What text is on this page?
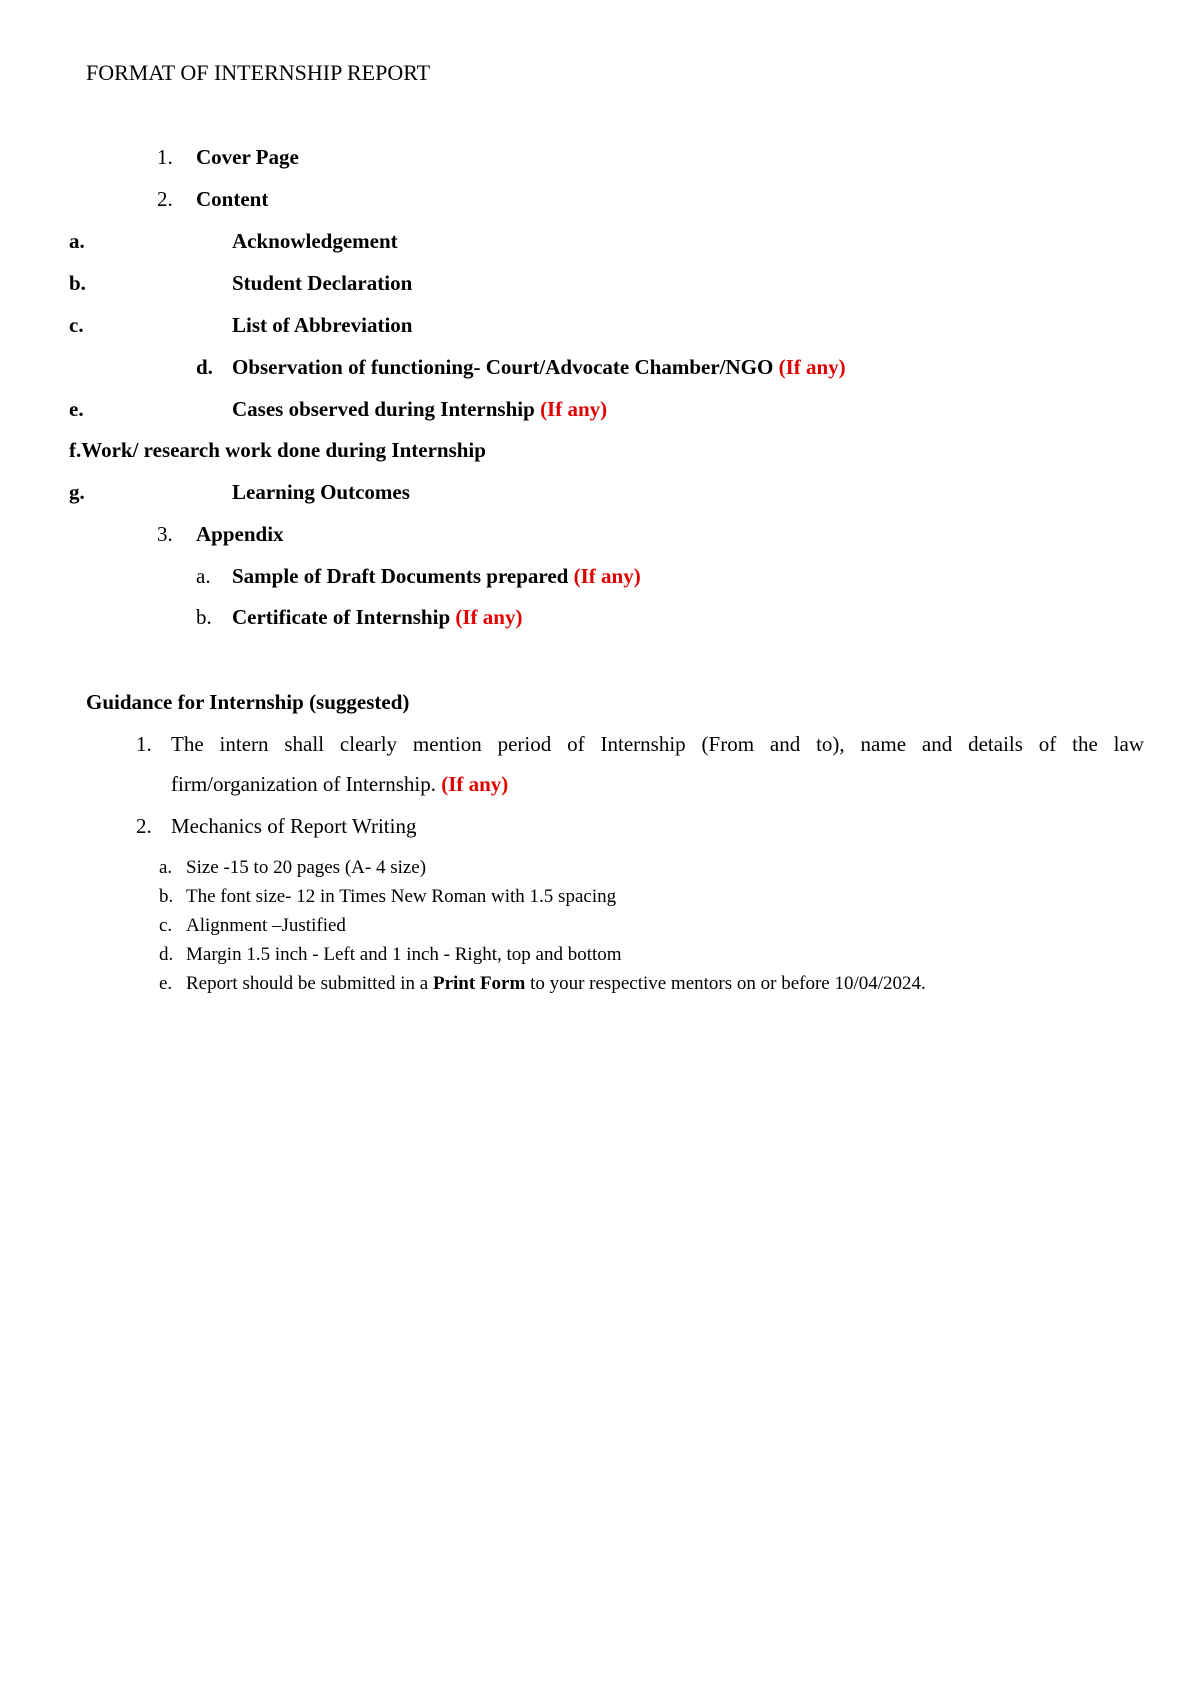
FORMAT OF INTERNSHIP REPORT
1. Cover Page
2. Content
a.	Acknowledgement
b.	Student Declaration
c.	List of Abbreviation
d. Observation of functioning- Court/Advocate Chamber/NGO (If any)
e.	Cases observed during Internship (If any)
f.Work/ research work done during Internship
g.	Learning Outcomes
3. Appendix
a. Sample of Draft Documents prepared (If any)
b. Certificate of Internship (If any)
Guidance for Internship (suggested)
1. The intern shall clearly mention period of Internship (From and to), name and details of the law
firm/organization of Internship. (If any)
2. Mechanics of Report Writing
a. Size -15 to 20 pages (A- 4 size)
b. The font size- 12 in Times New Roman with 1.5 spacing
c. Alignment –Justified
d. Margin 1.5 inch - Left and 1 inch - Right, top and bottom
e. Report should be submitted in a Print Form to your respective mentors on or before 10/04/2024.
